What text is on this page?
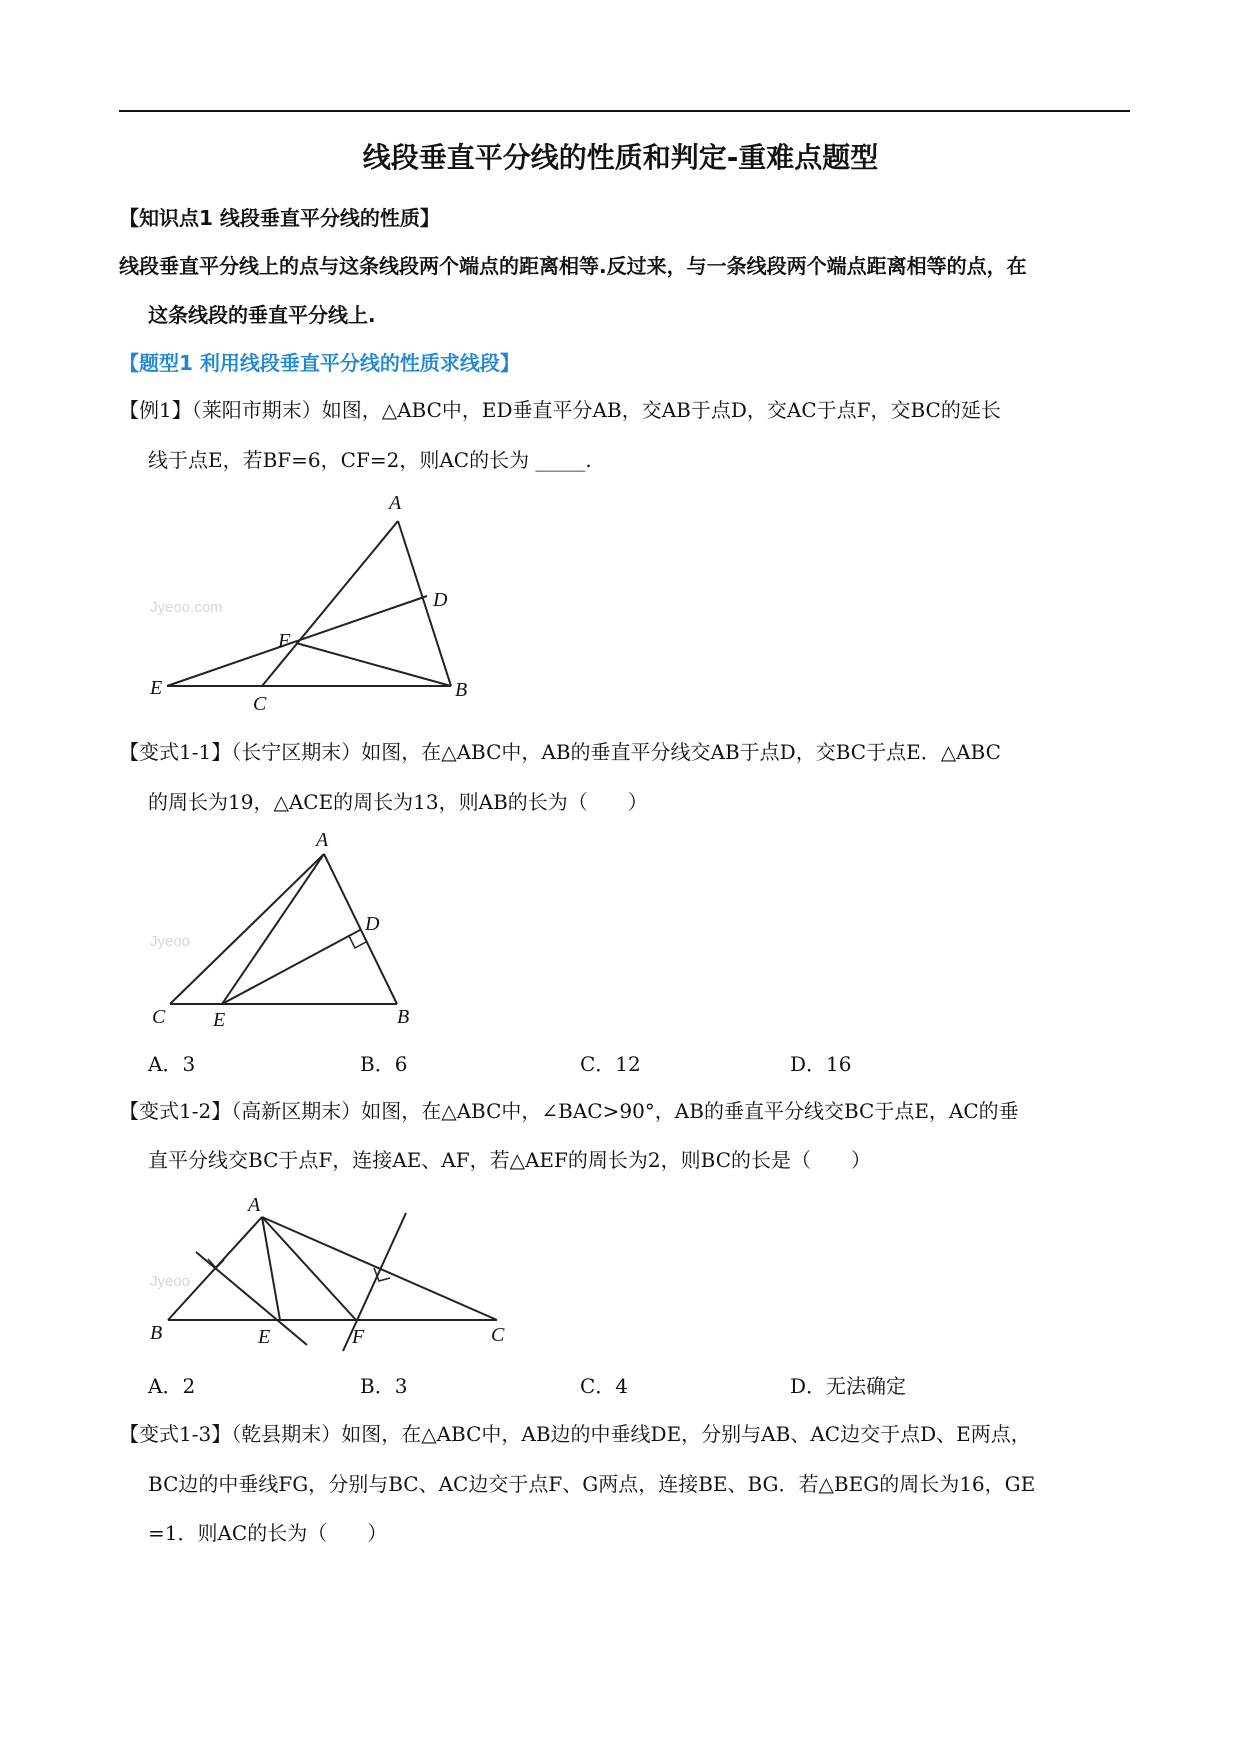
线段垂直平分线的性质和判定-重难点题型
【知识点1 线段垂直平分线的性质】
线段垂直平分线上的点与这条线段两个端点的距离相等.反过来，与一条线段两个端点距离相等的点，在
这条线段的垂直平分线上.
【题型1 利用线段垂直平分线的性质求线段】
【例1】（莱阳市期末）如图，△ABC中，ED垂直平分AB，交AB于点D，交AC于点F，交BC的延长
线于点E，若BF=6，CF=2，则AC的长为 _____.
Jyeoo.com
A
D
F
E
C
B
【变式1-1】（长宁区期末）如图，在△ABC中，AB的垂直平分线交AB于点D，交BC于点E．△ABC
的周长为19，△ACE的周长为13，则AB的长为（　　）
Jyeoo
A
D
C E	B
A．3	B．6	C．12	D．16
【变式1-2】（高新区期末）如图，在△ABC中，∠BAC>90°，AB的垂直平分线交BC于点E，AC的垂
直平分线交BC于点F，连接AE、AF，若△AEF的周长为2，则BC的长是（　　）
Jyeoo
A
B	E	F	C
A．2	B．3	C．4	D．无法确定
【变式1-3】（乾县期末）如图，在△ABC中，AB边的中垂线DE，分别与AB、AC边交于点D、E两点，
BC边的中垂线FG，分别与BC、AC边交于点F、G两点，连接BE、BG．若△BEG的周长为16，GE
=1．则AC的长为（　　）
